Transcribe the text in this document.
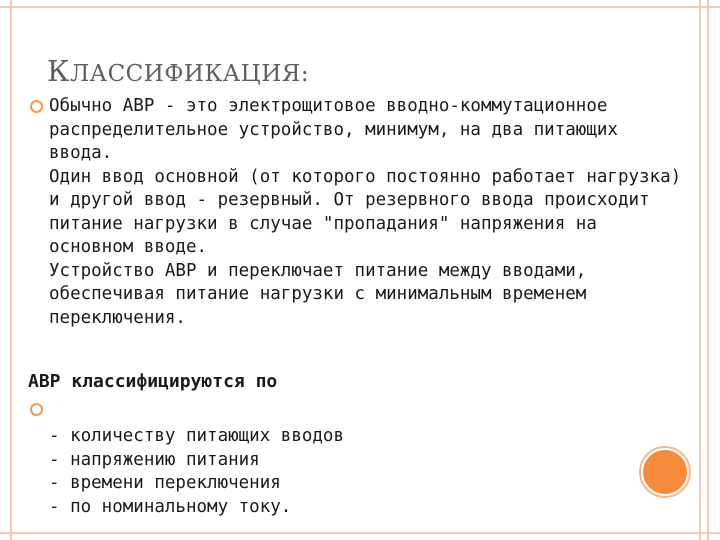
КЛАССИФИКАЦИЯ:
Обычно АВР - это электрощитовое вводно-коммутационное
распределительное устройство, минимум, на два питающих
ввода.
Один ввод основной (от которого постоянно работает нагрузка)
и другой ввод - резервный. От резервного ввода происходит
питание нагрузки в случае "пропадания" напряжения на
основном вводе.
Устройство АВР и переключает питание между вводами,
обеспечивая питание нагрузки с минимальным временем
переключения.
АВР классифицируются по
- количеству питающих вводов
- напряжению питания
- времени переключения
- по номинальному току.
